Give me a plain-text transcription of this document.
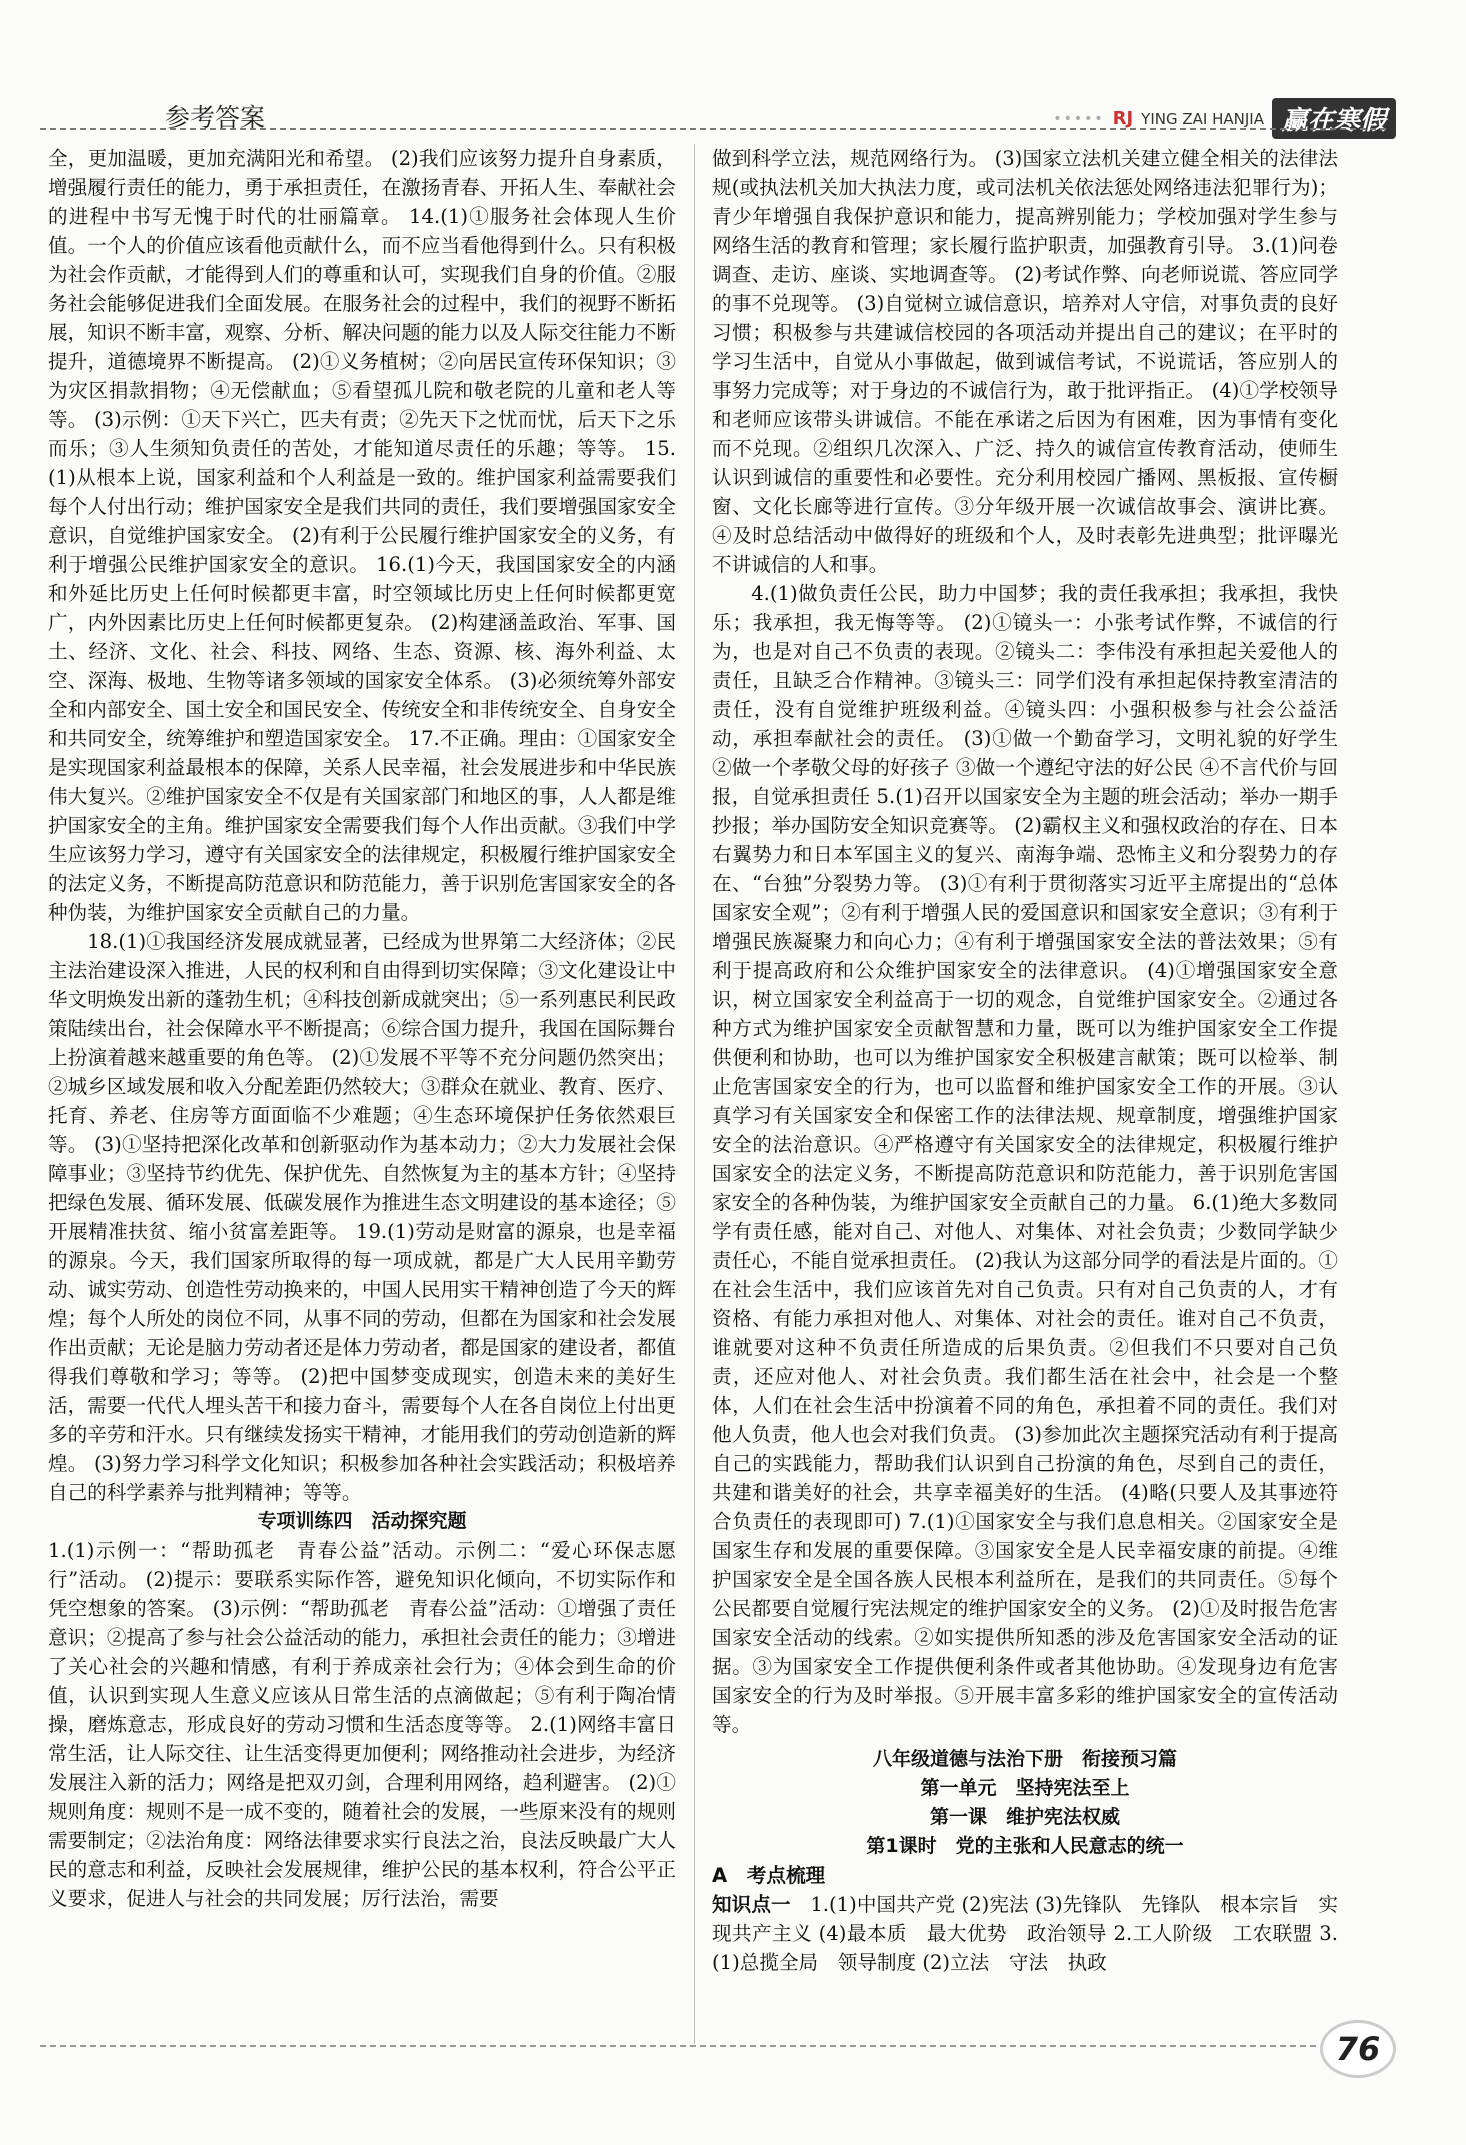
参考答案	••••• RJ YING ZAI HANJIA 赢在寒假

全，更加温暖，更加充满阳光和希望。 (2)我们应该努力提升自身素质，增强履行责任的能力，勇于承担责任，在激扬青春、开拓人生、奉献社会的进程中书写无愧于时代的壮丽篇章。 14.(1)①服务社会体现人生价值。一个人的价值应该看他贡献什么，而不应当看他得到什么。只有积极为社会作贡献，才能得到人们的尊重和认可，实现我们自身的价值。②服务社会能够促进我们全面发展。在服务社会的过程中，我们的视野不断拓展，知识不断丰富，观察、分析、解决问题的能力以及人际交往能力不断提升，道德境界不断提高。 (2)①义务植树；②向居民宣传环保知识；③为灾区捐款捐物；④无偿献血；⑤看望孤儿院和敬老院的儿童和老人等等。 (3)示例：①天下兴亡，匹夫有责；②先天下之忧而忧，后天下之乐而乐；③人生须知负责任的苦处，才能知道尽责任的乐趣；等等。 15.(1)从根本上说，国家利益和个人利益是一致的。维护国家利益需要我们每个人付出行动；维护国家安全是我们共同的责任，我们要增强国家安全意识，自觉维护国家安全。 (2)有利于公民履行维护国家安全的义务，有利于增强公民维护国家安全的意识。 16.(1)今天，我国国家安全的内涵和外延比历史上任何时候都更丰富，时空领域比历史上任何时候都更宽广，内外因素比历史上任何时候都更复杂。 (2)构建涵盖政治、军事、国土、经济、文化、社会、科技、网络、生态、资源、核、海外利益、太空、深海、极地、生物等诸多领域的国家安全体系。 (3)必须统筹外部安全和内部安全、国土安全和国民安全、传统安全和非传统安全、自身安全和共同安全，统筹维护和塑造国家安全。 17.不正确。理由：①国家安全是实现国家利益最根本的保障，关系人民幸福，社会发展进步和中华民族伟大复兴。②维护国家安全不仅是有关国家部门和地区的事，人人都是维护国家安全的主角。维护国家安全需要我们每个人作出贡献。③我们中学生应该努力学习，遵守有关国家安全的法律规定，积极履行维护国家安全的法定义务，不断提高防范意识和防范能力，善于识别危害国家安全的各种伪装，为维护国家安全贡献自己的力量。

18.(1)①我国经济发展成就显著，已经成为世界第二大经济体；②民主法治建设深入推进，人民的权利和自由得到切实保障；③文化建设让中华文明焕发出新的蓬勃生机；④科技创新成就突出；⑤一系列惠民利民政策陆续出台，社会保障水平不断提高；⑥综合国力提升，我国在国际舞台上扮演着越来越重要的角色等。 (2)①发展不平等不充分问题仍然突出；②城乡区域发展和收入分配差距仍然较大；③群众在就业、教育、医疗、托育、养老、住房等方面面临不少难题；④生态环境保护任务依然艰巨等。 (3)①坚持把深化改革和创新驱动作为基本动力；②大力发展社会保障事业；③坚持节约优先、保护优先、自然恢复为主的基本方针；④坚持把绿色发展、循环发展、低碳发展作为推进生态文明建设的基本途径；⑤开展精准扶贫、缩小贫富差距等。 19.(1)劳动是财富的源泉，也是幸福的源泉。今天，我们国家所取得的每一项成就，都是广大人民用辛勤劳动、诚实劳动、创造性劳动换来的，中国人民用实干精神创造了今天的辉煌；每个人所处的岗位不同，从事不同的劳动，但都在为国家和社会发展作出贡献；无论是脑力劳动者还是体力劳动者，都是国家的建设者，都值得我们尊敬和学习；等等。 (2)把中国梦变成现实，创造未来的美好生活，需要一代代人埋头苦干和接力奋斗，需要每个人在各自岗位上付出更多的辛劳和汗水。只有继续发扬实干精神，才能用我们的劳动创造新的辉煌。 (3)努力学习科学文化知识；积极参加各种社会实践活动；积极培养自己的科学素养与批判精神；等等。

专项训练四　活动探究题

1.(1)示例一：“帮助孤老　青春公益”活动。示例二：“爱心环保志愿行”活动。 (2)提示：要联系实际作答，避免知识化倾向，不切实际作和凭空想象的答案。 (3)示例：“帮助孤老　青春公益”活动：①增强了责任意识；②提高了参与社会公益活动的能力，承担社会责任的能力；③增进了关心社会的兴趣和情感，有利于养成亲社会行为；④体会到生命的价值，认识到实现人生意义应该从日常生活的点滴做起；⑤有利于陶冶情操，磨炼意志，形成良好的劳动习惯和生活态度等等。 2.(1)网络丰富日常生活，让人际交往、让生活变得更加便利；网络推动社会进步，为经济发展注入新的活力；网络是把双刃剑，合理利用网络，趋利避害。 (2)①规则角度：规则不是一成不变的，随着社会的发展，一些原来没有的规则需要制定；②法治角度：网络法律要求实行良法之治，良法反映最广大人民的意志和利益，反映社会发展规律，维护公民的基本权利，符合公平正义要求，促进人与社会的共同发展；厉行法治，需要

做到科学立法，规范网络行为。 (3)国家立法机关建立健全相关的法律法规(或执法机关加大执法力度，或司法机关依法惩处网络违法犯罪行为)；青少年增强自我保护意识和能力，提高辨别能力；学校加强对学生参与网络生活的教育和管理；家长履行监护职责，加强教育引导。 3.(1)问卷调查、走访、座谈、实地调查等。 (2)考试作弊、向老师说谎、答应同学的事不兑现等。 (3)自觉树立诚信意识，培养对人守信，对事负责的良好习惯；积极参与共建诚信校园的各项活动并提出自己的建议；在平时的学习生活中，自觉从小事做起，做到诚信考试，不说谎话，答应别人的事努力完成等；对于身边的不诚信行为，敢于批评指正。 (4)①学校领导和老师应该带头讲诚信。不能在承诺之后因为有困难，因为事情有变化而不兑现。②组织几次深入、广泛、持久的诚信宣传教育活动，使师生认识到诚信的重要性和必要性。充分利用校园广播网、黑板报、宣传橱窗、文化长廊等进行宣传。③分年级开展一次诚信故事会、演讲比赛。④及时总结活动中做得好的班级和个人，及时表彰先进典型；批评曝光不讲诚信的人和事。

4.(1)做负责任公民，助力中国梦；我的责任我承担；我承担，我快乐；我承担，我无悔等等。 (2)①镜头一：小张考试作弊，不诚信的行为，也是对自己不负责的表现。②镜头二：李伟没有承担起关爱他人的责任，且缺乏合作精神。③镜头三：同学们没有承担起保持教室清洁的责任，没有自觉维护班级利益。④镜头四：小强积极参与社会公益活动，承担奉献社会的责任。 (3)①做一个勤奋学习，文明礼貌的好学生 ②做一个孝敬父母的好孩子 ③做一个遵纪守法的好公民 ④不言代价与回报，自觉承担责任 5.(1)召开以国家安全为主题的班会活动；举办一期手抄报；举办国防安全知识竞赛等。 (2)霸权主义和强权政治的存在、日本右翼势力和日本军国主义的复兴、南海争端、恐怖主义和分裂势力的存在、“台独”分裂势力等。 (3)①有利于贯彻落实习近平主席提出的“总体国家安全观”；②有利于增强人民的爱国意识和国家安全意识；③有利于增强民族凝聚力和向心力；④有利于增强国家安全法的普法效果；⑤有利于提高政府和公众维护国家安全的法律意识。 (4)①增强国家安全意识，树立国家安全利益高于一切的观念，自觉维护国家安全。②通过各种方式为维护国家安全贡献智慧和力量，既可以为维护国家安全工作提供便利和协助，也可以为维护国家安全积极建言献策；既可以检举、制止危害国家安全的行为，也可以监督和维护国家安全工作的开展。③认真学习有关国家安全和保密工作的法律法规、规章制度，增强维护国家安全的法治意识。④严格遵守有关国家安全的法律规定，积极履行维护国家安全的法定义务，不断提高防范意识和防范能力，善于识别危害国家安全的各种伪装，为维护国家安全贡献自己的力量。 6.(1)绝大多数同学有责任感，能对自己、对他人、对集体、对社会负责；少数同学缺少责任心，不能自觉承担责任。 (2)我认为这部分同学的看法是片面的。①在社会生活中，我们应该首先对自己负责。只有对自己负责的人，才有资格、有能力承担对他人、对集体、对社会的责任。谁对自己不负责，谁就要对这种不负责任所造成的后果负责。②但我们不只要对自己负责，还应对他人、对社会负责。我们都生活在社会中，社会是一个整体，人们在社会生活中扮演着不同的角色，承担着不同的责任。我们对他人负责，他人也会对我们负责。 (3)参加此次主题探究活动有利于提高自己的实践能力，帮助我们认识到自己扮演的角色，尽到自己的责任，共建和谐美好的社会，共享幸福美好的生活。 (4)略(只要人及其事迹符合负责任的表现即可) 7.(1)①国家安全与我们息息相关。②国家安全是国家生存和发展的重要保障。③国家安全是人民幸福安康的前提。④维护国家安全是全国各族人民根本利益所在，是我们的共同责任。⑤每个公民都要自觉履行宪法规定的维护国家安全的义务。 (2)①及时报告危害国家安全活动的线索。②如实提供所知悉的涉及危害国家安全活动的证据。③为国家安全工作提供便利条件或者其他协助。④发现身边有危害国家安全的行为及时举报。⑤开展丰富多彩的维护国家安全的宣传活动等。

八年级道德与法治下册　衔接预习篇

第一单元　坚持宪法至上

第一课　维护宪法权威

第1课时　党的主张和人民意志的统一

A　考点梳理

知识点一　 1.(1)中国共产党 (2)宪法 (3)先锋队　先锋队　根本宗旨　实现共产主义 (4)最本质　最大优势　政治领导 2.工人阶级　工农联盟 3.(1)总揽全局　领导制度 (2)立法　守法　执政

76
